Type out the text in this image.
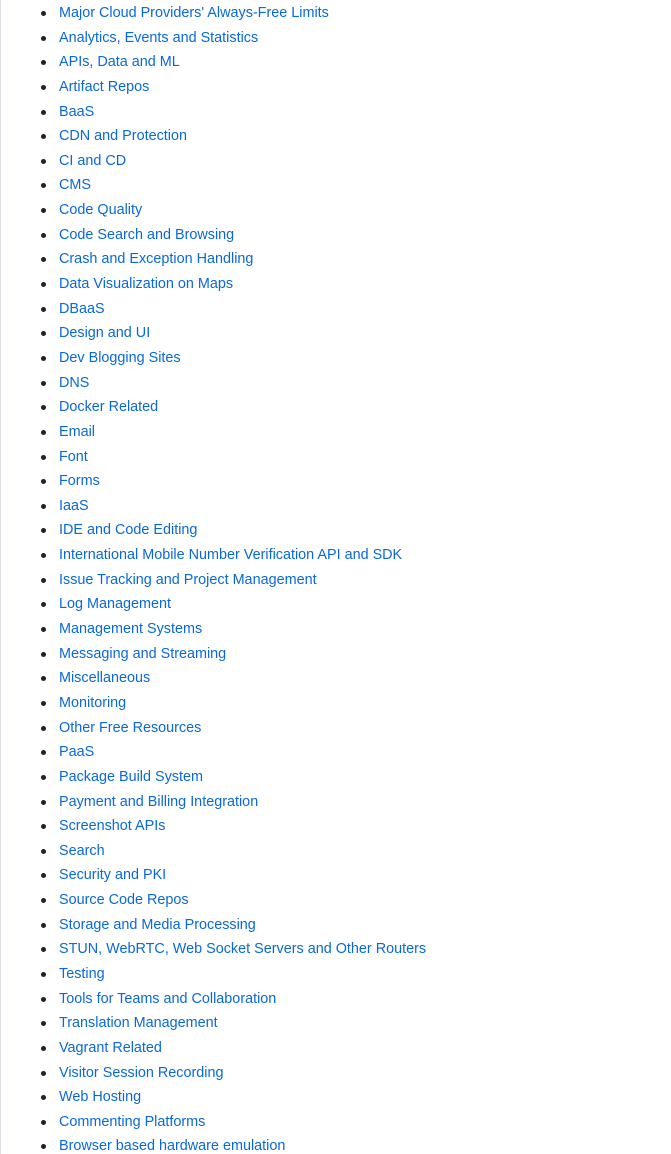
Major Cloud Providers' Always-Free Limits
Analytics, Events and Statistics
APIs, Data and ML
Artifact Repos
BaaS
CDN and Protection
CI and CD
CMS
Code Quality
Code Search and Browsing
Crash and Exception Handling
Data Visualization on Maps
DBaaS
Design and UI
Dev Blogging Sites
DNS
Docker Related
Email
Font
Forms
IaaS
IDE and Code Editing
International Mobile Number Verification API and SDK
Issue Tracking and Project Management
Log Management
Management Systems
Messaging and Streaming
Miscellaneous
Monitoring
Other Free Resources
PaaS
Package Build System
Payment and Billing Integration
Screenshot APIs
Search
Security and PKI
Source Code Repos
Storage and Media Processing
STUN, WebRTC, Web Socket Servers and Other Routers
Testing
Tools for Teams and Collaboration
Translation Management
Vagrant Related
Visitor Session Recording
Web Hosting
Commenting Platforms
Browser based hardware emulation
